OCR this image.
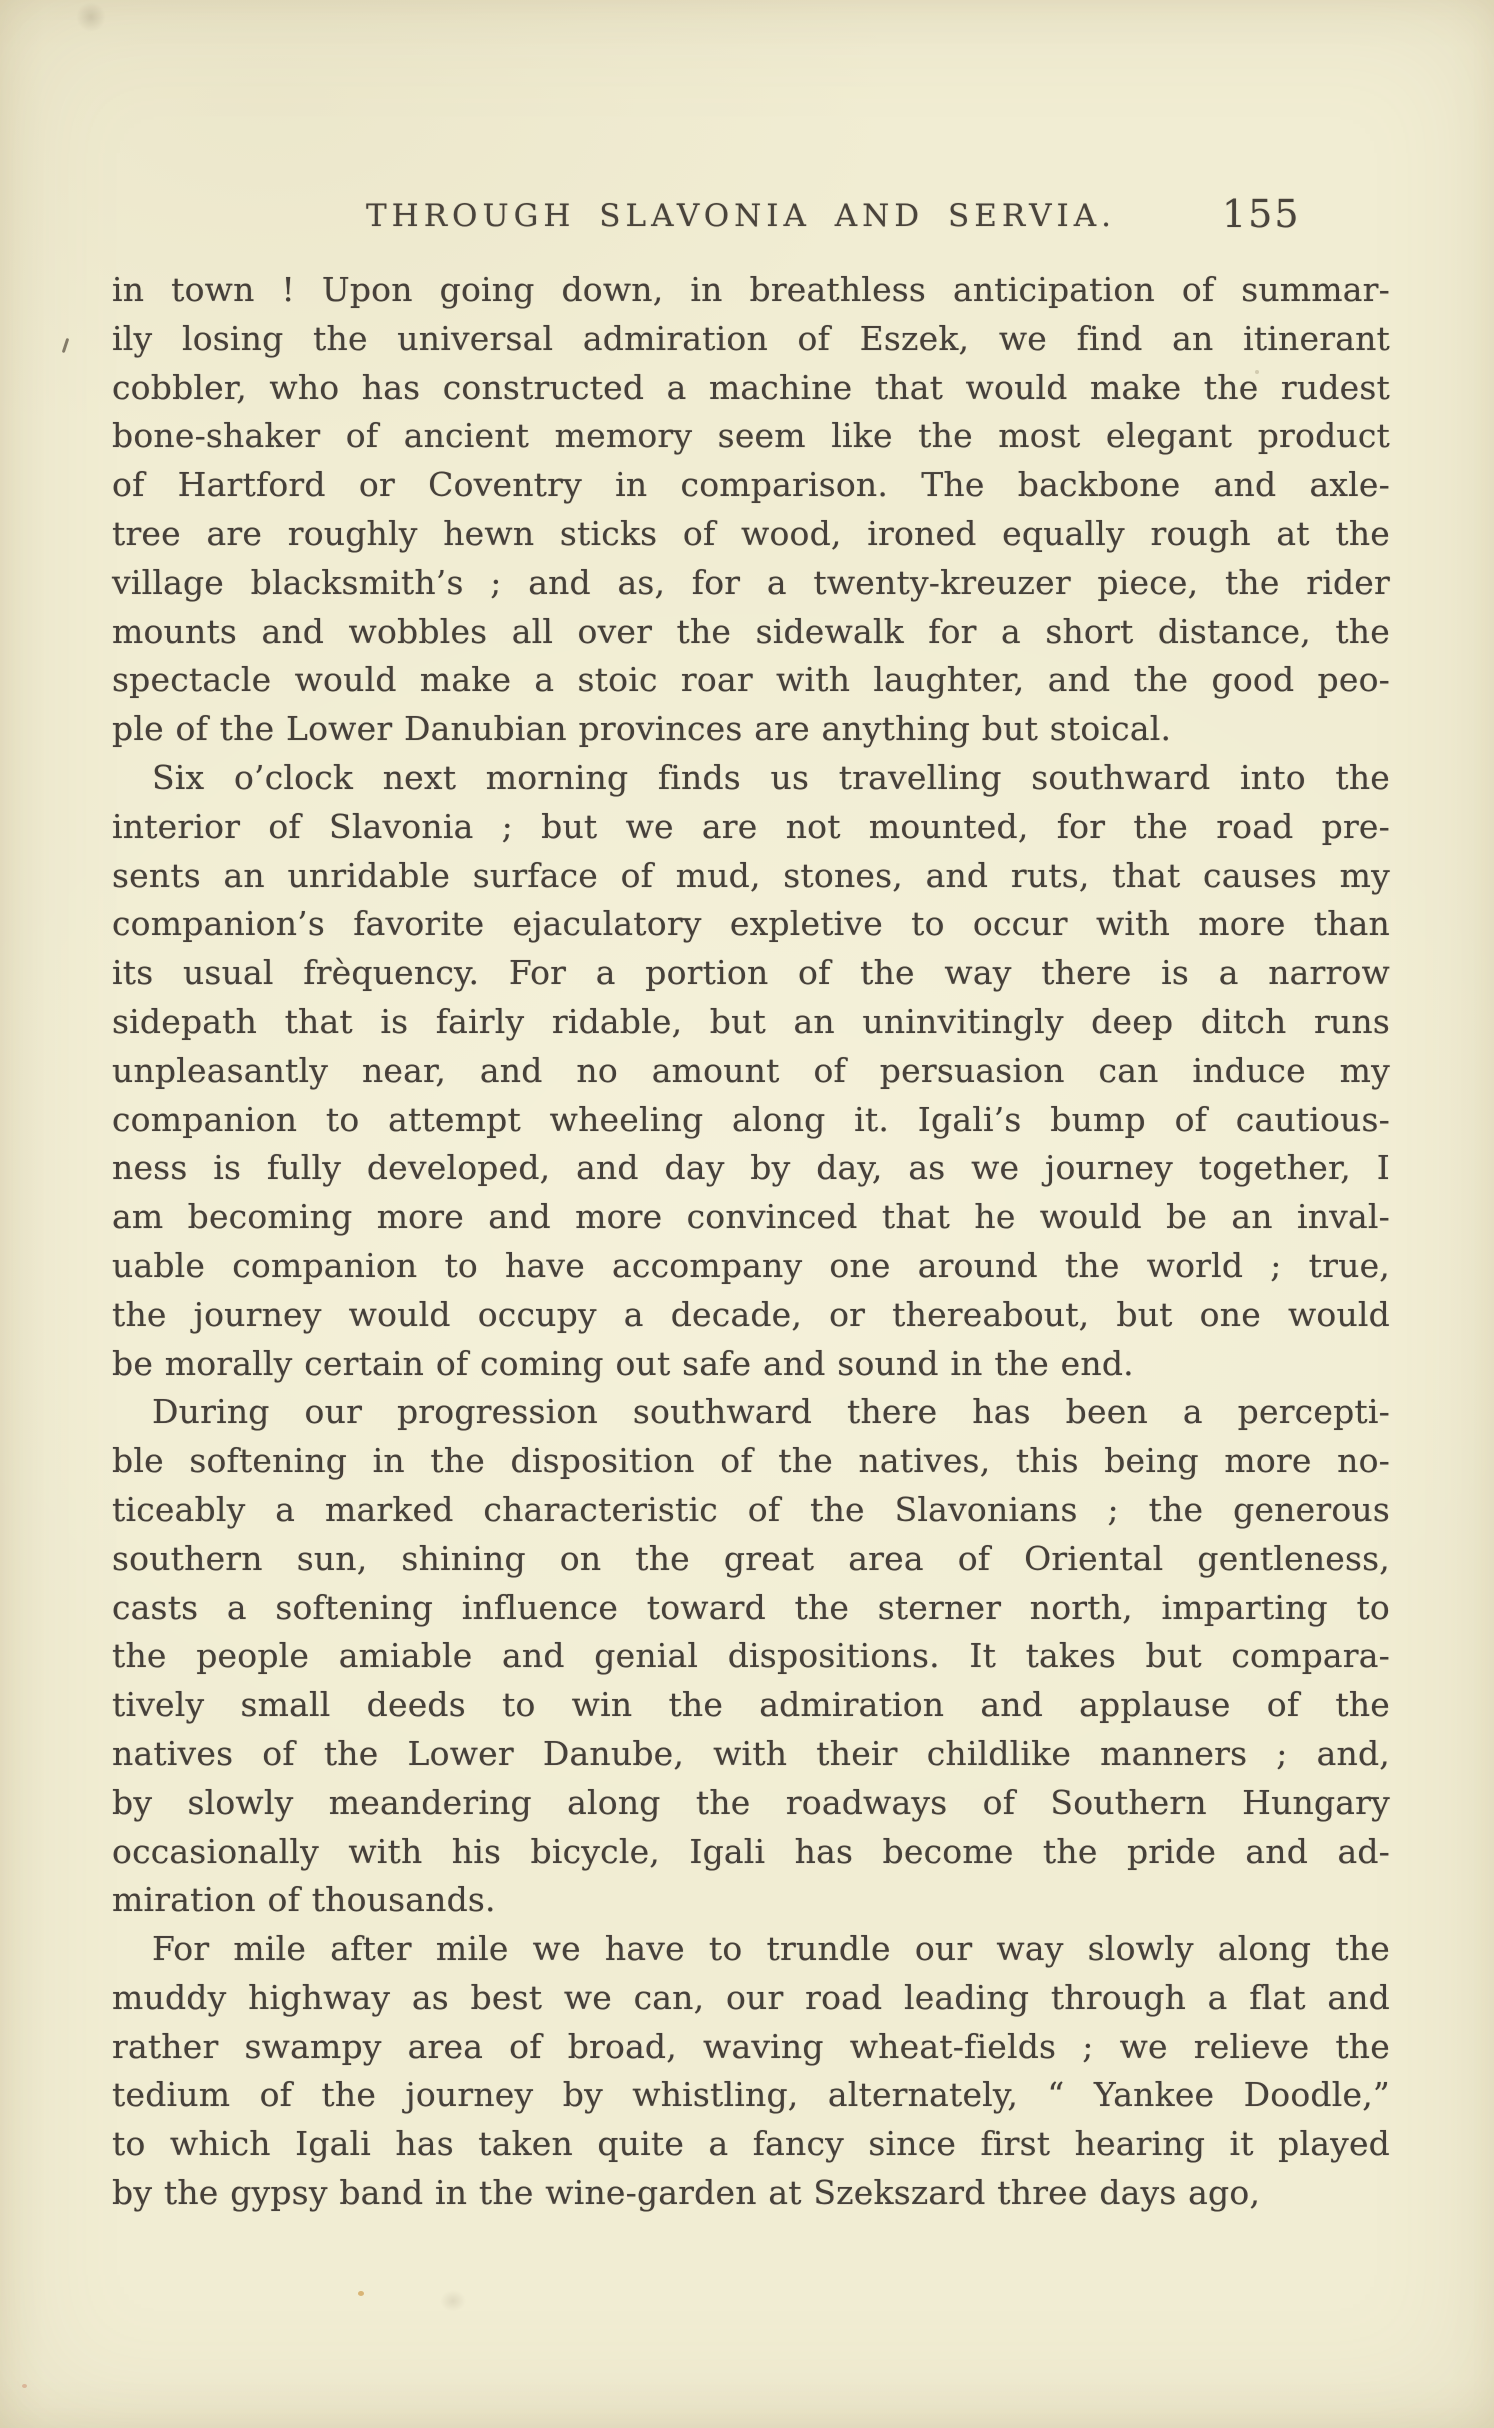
THROUGH SLAVONIA AND SERVIA.	155
in town ! Upon going down, in breathless anticipation of summar-
ily losing the universal admiration of Eszek, we find an itinerant
cobbler, who has constructed a machine that would make the rudest
bone-shaker of ancient memory seem like the most elegant product
of Hartford or Coventry in comparison. The backbone and axle-
tree are roughly hewn sticks of wood, ironed equally rough at the
village blacksmith’s ; and as, for a twenty-kreuzer piece, the rider
mounts and wobbles all over the sidewalk for a short distance, the
spectacle would make a stoic roar with laughter, and the good peo-
ple of the Lower Danubian provinces are anything but stoical.
Six o’clock next morning finds us travelling southward into the
interior of Slavonia ; but we are not mounted, for the road pre-
sents an unridable surface of mud, stones, and ruts, that causes my
companion’s favorite ejaculatory expletive to occur with more than
its usual frèquency. For a portion of the way there is a narrow
sidepath that is fairly ridable, but an uninvitingly deep ditch runs
unpleasantly near, and no amount of persuasion can induce my
companion to attempt wheeling along it. Igali’s bump of cautious-
ness is fully developed, and day by day, as we journey together, I
am becoming more and more convinced that he would be an inval-
uable companion to have accompany one around the world ; true,
the journey would occupy a decade, or thereabout, but one would
be morally certain of coming out safe and sound in the end.
During our progression southward there has been a percepti-
ble softening in the disposition of the natives, this being more no-
ticeably a marked characteristic of the Slavonians ; the generous
southern sun, shining on the great area of Oriental gentleness,
casts a softening influence toward the sterner north, imparting to
the people amiable and genial dispositions. It takes but compara-
tively small deeds to win the admiration and applause of the
natives of the Lower Danube, with their childlike manners ; and,
by slowly meandering along the roadways of Southern Hungary
occasionally with his bicycle, Igali has become the pride and ad-
miration of thousands.
For mile after mile we have to trundle our way slowly along the
muddy highway as best we can, our road leading through a flat and
rather swampy area of broad, waving wheat-fields ; we relieve the
tedium of the journey by whistling, alternately, “ Yankee Doodle,”
to which Igali has taken quite a fancy since first hearing it played
by the gypsy band in the wine-garden at Szekszard three days ago,
